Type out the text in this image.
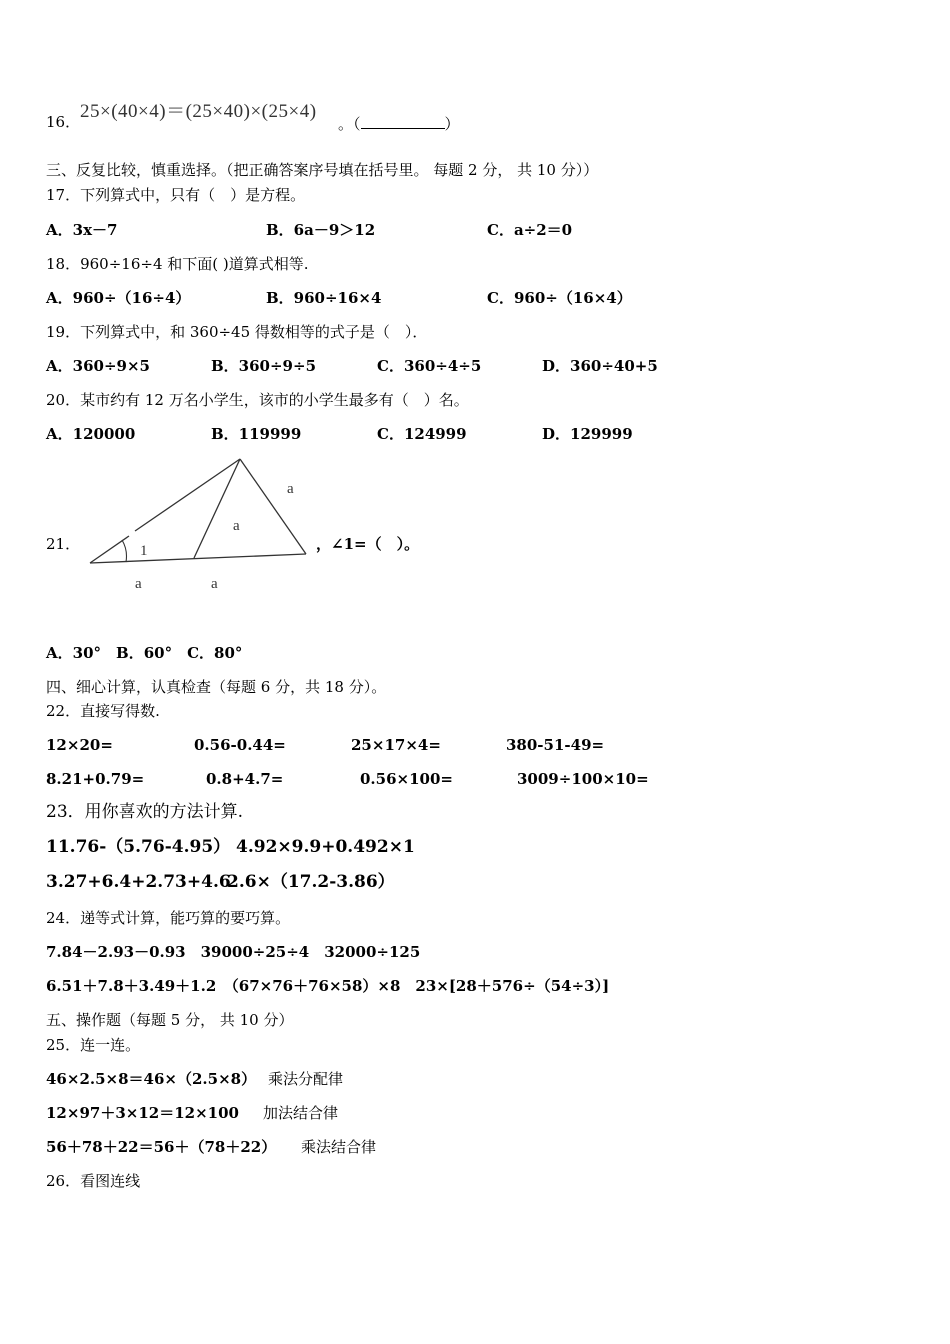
16． 25×(40×4)＝(25×40)×(25×4)
。（	）
三、反复比较，慎重选择。（把正确答案序号填在括号里。 每题 2 分， 共 10 分））
17．下列算式中，只有（　）是方程。
A．3x－7	B．6a－9＞12	C．a÷2＝0
18．960÷16÷4 和下面( )道算式相等.
A．960÷（16÷4）	B．960÷16×4	C．960÷（16×4）
19．下列算式中，和 360÷45 得数相等的式子是（　）．
A．360÷9×5	B．360÷9÷5	C．360÷4÷5	D．360÷40+5
20．某市约有 12 万名小学生，该市的小学生最多有（　）名。
A．120000	B．119999	C．124999	D．129999
21．	1
a
a
a	a
，∠1=（　）。
A．30°　B．60°　C．80°
四、细心计算，认真检查（每题 6 分，共 18 分）。
22．直接写得数.
12×20=	0.56-0.44=	25×17×4=	380-51-49=
8.21+0.79=	0.8+4.7=	0.56×100=	3009÷100×10=
23．用你喜欢的方法计算.
11.76-（5.76-4.95） 4.92×9.9+0.492×1
3.27+6.4+2.73+4.6
2.6×（17.2-3.86）
24．递等式计算，能巧算的要巧算。
7.84－2.93－0.93　39000÷25÷4　32000÷125
6.51＋7.8＋3.49＋1.2　（67×76＋76×58）×8　23×[28＋576÷（54÷3）]
五、操作题（每题 5 分， 共 10 分）
25．连一连。
46×2.5×8＝46×（2.5×8） 乘法分配律
12×97＋3×12＝12×100 加法结合律
56＋78＋22＝56＋（78＋22） 乘法结合律
26．看图连线
